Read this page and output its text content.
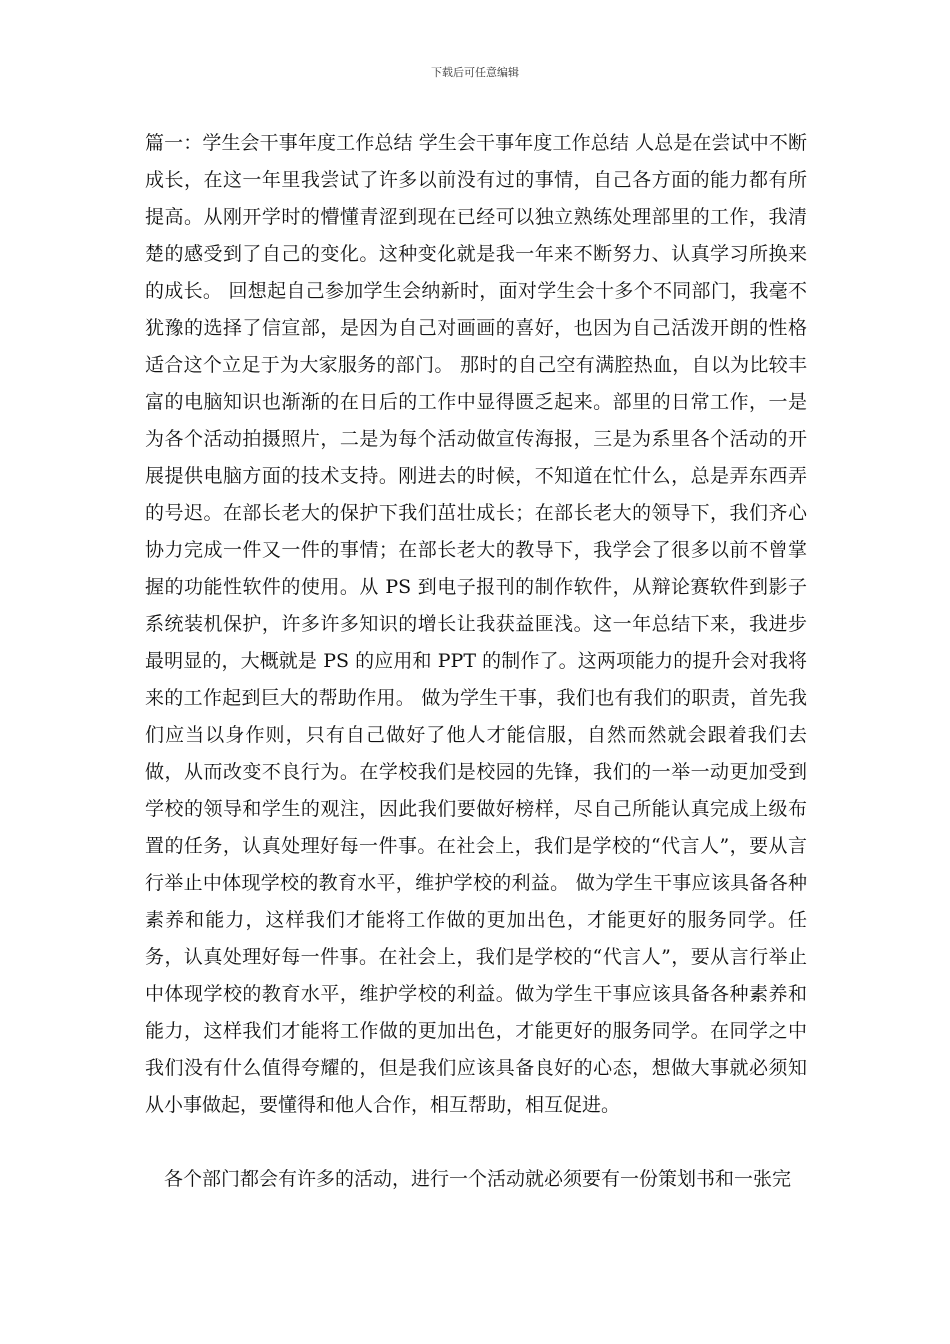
下载后可任意编辑

篇一：学生会干事年度工作总结 学生会干事年度工作总结 人总是在尝试中不断成长，在这一年里我尝试了许多以前没有过的事情，自己各方面的能力都有所提高。从刚开学时的懵懂青涩到现在已经可以独立熟练处理部里的工作，我清楚的感受到了自己的变化。这种变化就是我一年来不断努力、认真学习所换来的成长。 回想起自己参加学生会纳新时，面对学生会十多个不同部门，我毫不犹豫的选择了信宣部，是因为自己对画画的喜好，也因为自己活泼开朗的性格适合这个立足于为大家服务的部门。 那时的自己空有满腔热血，自以为比较丰富的电脑知识也渐渐的在日后的工作中显得匮乏起来。部里的日常工作，一是为各个活动拍摄照片，二是为每个活动做宣传海报，三是为系里各个活动的开展提供电脑方面的技术支持。刚进去的时候，不知道在忙什么，总是弄东西弄的号迟。在部长老大的保护下我们茁壮成长；在部长老大的领导下，我们齐心协力完成一件又一件的事情；在部长老大的教导下，我学会了很多以前不曾掌握的功能性软件的使用。从 PS 到电子报刊的制作软件，从辩论赛软件到影子系统装机保护，许多许多知识的增长让我获益匪浅。这一年总结下来，我进步最明显的，大概就是 PS 的应用和 PPT 的制作了。这两项能力的提升会对我将来的工作起到巨大的帮助作用。 做为学生干事，我们也有我们的职责，首先我们应当以身作则，只有自己做好了他人才能信服，自然而然就会跟着我们去做，从而改变不良行为。在学校我们是校园的先锋，我们的一举一动更加受到学校的领导和学生的观注，因此我们要做好榜样，尽自己所能认真完成上级布置的任务，认真处理好每一件事。在社会上，我们是学校的“代言人”，要从言行举止中体现学校的教育水平，维护学校的利益。 做为学生干事应该具备各种素养和能力，这样我们才能将工作做的更加出色，才能更好的服务同学。任务，认真处理好每一件事。在社会上，我们是学校的“代言人”，要从言行举止中体现学校的教育水平，维护学校的利益。做为学生干事应该具备各种素养和能力，这样我们才能将工作做的更加出色，才能更好的服务同学。在同学之中我们没有什么值得夸耀的，但是我们应该具备良好的心态，想做大事就必须知从小事做起，要懂得和他人合作，相互帮助，相互促进。

各个部门都会有许多的活动，进行一个活动就必须要有一份策划书和一张完
